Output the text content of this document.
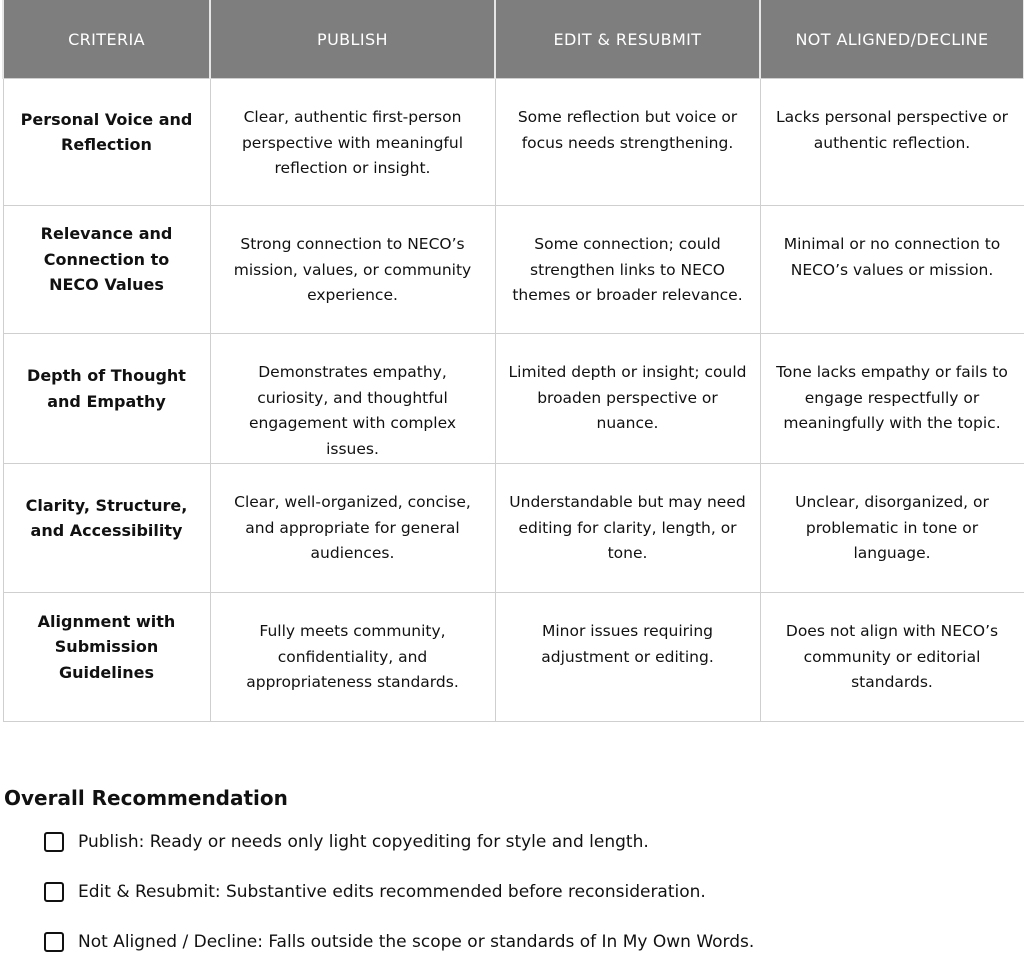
CRITERIA	PUBLISH	EDIT & RESUBMIT	NOT ALIGNED/DECLINE
Personal Voice and Reflection	Clear, authentic first-person perspective with meaningful reflection or insight.	Some reflection but voice or focus needs strengthening.	Lacks personal perspective or authentic reflection.
Relevance and Connection to NECO Values	Strong connection to NECO’s mission, values, or community experience.	Some connection; could strengthen links to NECO themes or broader relevance.	Minimal or no connection to NECO’s values or mission.
Depth of Thought and Empathy	Demonstrates empathy, curiosity, and thoughtful engagement with complex issues.	Limited depth or insight; could broaden perspective or nuance.	Tone lacks empathy or fails to engage respectfully or meaningfully with the topic.
Clarity, Structure, and Accessibility	Clear, well-organized, concise, and appropriate for general audiences.	Understandable but may need editing for clarity, length, or tone.	Unclear, disorganized, or problematic in tone or language.
Alignment with Submission Guidelines	Fully meets community, confidentiality, and appropriateness standards.	Minor issues requiring adjustment or editing.	Does not align with NECO’s community or editorial standards.
Overall Recommendation
Publish: Ready or needs only light copyediting for style and length.
Edit & Resubmit: Substantive edits recommended before reconsideration.
Not Aligned / Decline: Falls outside the scope or standards of In My Own Words.
